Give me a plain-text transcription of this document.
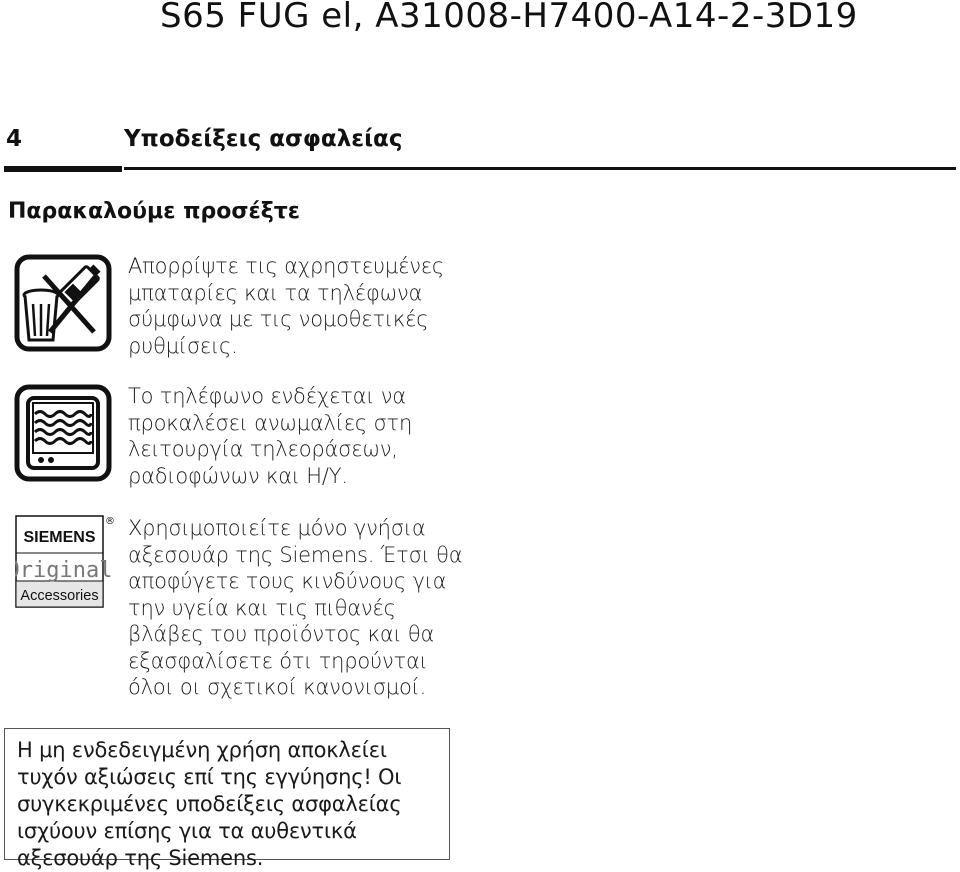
S65 FUG el, A31008-H7400-A14-2-3D19
4	Υποδείξεις ασφαλείας
Παρακαλούμε προσέξτε
Απορρίψτε τις αχρηστευμένες μπαταρίες και τα τηλέφωνα σύμφωνα με τις νομοθετικές ρυθμίσεις.
Το τηλέφωνο ενδέχεται να προκαλέσει ανωμαλίες στη λειτουργία τηλεοράσεων, ραδιοφώνων και Η/Υ.
SIEMENS
Original
Accessories
® Χρησιμοποιείτε μόνο γνήσια αξεσουάρ της Siemens. Έτσι θα αποφύγετε τους κινδύνους για την υγεία και τις πιθανές βλάβες του προϊόντος και θα εξασφαλίσετε ότι τηρούνται όλοι οι σχετικοί κανονισμοί.
Η μη ενδεδειγμένη χρήση αποκλείει τυχόν αξιώσεις επί της εγγύησης! Οι συγκεκριμένες υποδείξεις ασφαλείας ισχύουν επίσης για τα αυθεντικά αξεσουάρ της Siemens.
